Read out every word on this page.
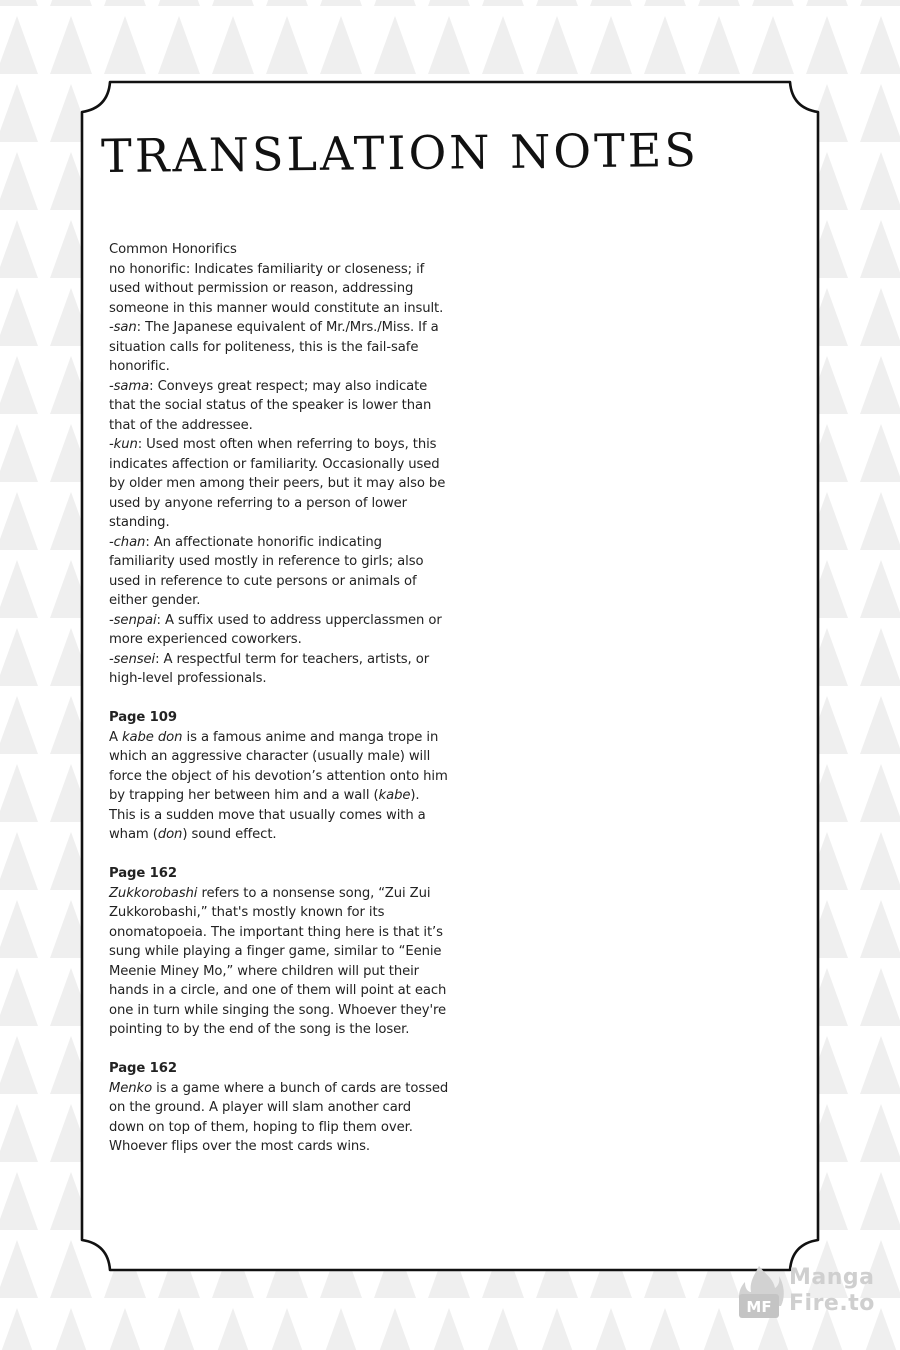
TRANSLATION NOTES

Common Honorifics

no honorific: Indicates familiarity or closeness; if used without permission or reason, addressing someone in this manner would constitute an insult.

-san: The Japanese equivalent of Mr./Mrs./Miss. If a situation calls for politeness, this is the fail-safe honorific.

-sama: Conveys great respect; may also indicate that the social status of the speaker is lower than that of the addressee.

-kun: Used most often when referring to boys, this indicates affection or familiarity. Occasionally used by older men among their peers, but it may also be used by anyone referring to a person of lower standing.

-chan: An affectionate honorific indicating familiarity used mostly in reference to girls; also used in reference to cute persons or animals of either gender.

-senpai: A suffix used to address upperclassmen or more experienced coworkers.

-sensei: A respectful term for teachers, artists, or high-level professionals.

Page 109

A kabe don is a famous anime and manga trope in which an aggressive character (usually male) will force the object of his devotion’s attention onto him by trapping her between him and a wall (kabe). This is a sudden move that usually comes with a wham (don) sound effect.

Page 162

Zukkorobashi refers to a nonsense song, “Zui Zui Zukkorobashi,” that's mostly known for its onomatopoeia. The important thing here is that it’s sung while playing a finger game, similar to “Eenie Meenie Miney Mo,” where children will put their hands in a circle, and one of them will point at each one in turn while singing the song. Whoever they're pointing to by the end of the song is the loser.

Page 162

Menko is a game where a bunch of cards are tossed on the ground. A player will slam another card down on top of them, hoping to flip them over. Whoever flips over the most cards wins.

MF
Manga
Fire.to
